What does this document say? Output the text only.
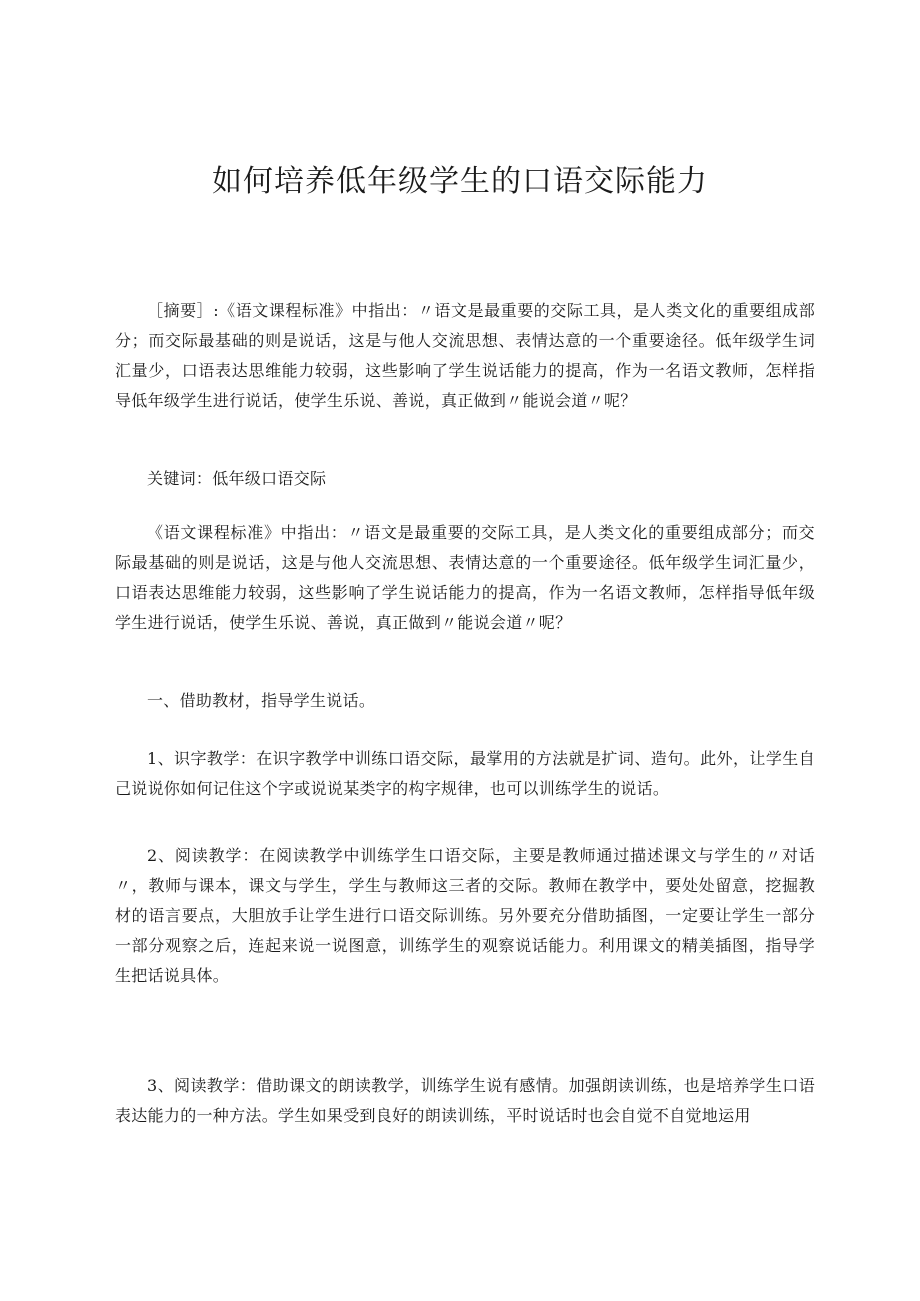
如何培养低年级学生的口语交际能力

［摘要］:《语文课程标准》中指出：〃语文是最重要的交际工具，是人类文化的重要组成部分；而交际最基础的则是说话，这是与他人交流思想、表情达意的一个重要途径。低年级学生词汇量少，口语表达思维能力较弱，这些影响了学生说话能力的提高，作为一名语文教师，怎样指导低年级学生进行说话，使学生乐说、善说，真正做到〃能说会道〃呢？

关键词：低年级口语交际

《语文课程标准》中指出：〃语文是最重要的交际工具，是人类文化的重要组成部分；而交际最基础的则是说话，这是与他人交流思想、表情达意的一个重要途径。低年级学生词汇量少，口语表达思维能力较弱，这些影响了学生说话能力的提高，作为一名语文教师，怎样指导低年级学生进行说话，使学生乐说、善说，真正做到〃能说会道〃呢？

一、借助教材，指导学生说话。

1、识字教学：在识字教学中训练口语交际，最掌用的方法就是扩词、造句。此外，让学生自己说说你如何记住这个字或说说某类字的构字规律，也可以训练学生的说话。

2、阅读教学：在阅读教学中训练学生口语交际，主要是教师通过描述课文与学生的〃对话〃，教师与课本，课文与学生，学生与教师这三者的交际。教师在教学中，要处处留意，挖掘教材的语言要点，大胆放手让学生进行口语交际训练。另外要充分借助插图，一定要让学生一部分一部分观察之后，连起来说一说图意，训练学生的观察说话能力。利用课文的精美插图，指导学生把话说具体。

3、阅读教学：借助课文的朗读教学，训练学生说有感情。加强朗读训练，也是培养学生口语表达能力的一种方法。学生如果受到良好的朗读训练，平时说话时也会自觉不自觉地运用
